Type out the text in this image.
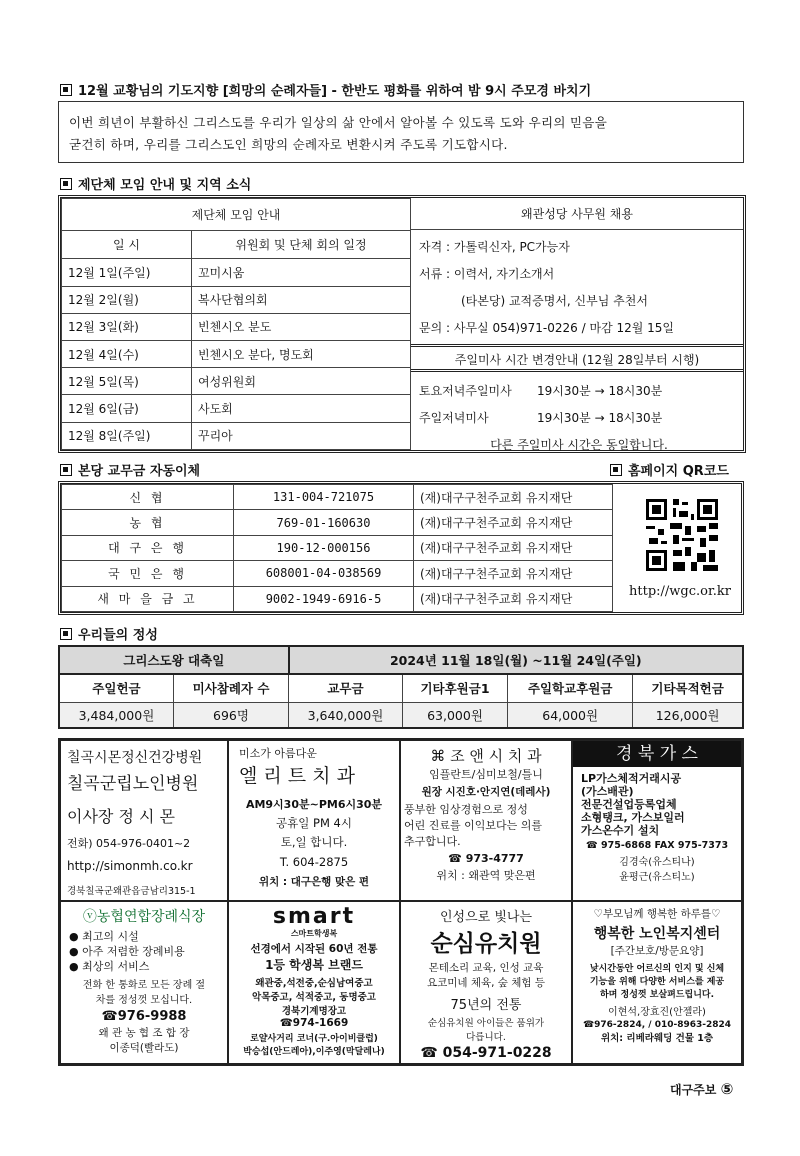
12월 교황님의 기도지향 [희망의 순례자들] - 한반도 평화를 위하여 밤 9시 주모경 바치기
이번 희년이 부활하신 그리스도를 우리가 일상의 삶 안에서 알아볼 수 있도록 도와 우리의 믿음을
굳건히 하며, 우리를 그리스도인 희망의 순례자로 변환시켜 주도록 기도합시다.
제단체 모임 안내 및 지역 소식
제단체 모임 안내	
일 시	위원회 및 단체 회의 일정
12월 1일(주일)	꼬미시움
12월 2일(월)	복사단협의회
12월 3일(화)	빈첸시오 분도
12월 4일(수)	빈첸시오 분다, 명도회
12월 5일(목)	여성위원회
12월 6일(금)	사도회
12월 8일(주일)	꾸리아
왜관성당 사무원 채용
자격 : 가톨릭신자, PC가능자
서류 : 이력서, 자기소개서
(타본당) 교적증명서, 신부님 추천서
문의 : 사무실 054)971-0226 / 마감 12월 15일
주일미사 시간 변경안내 (12월 28일부터 시행)
토요저녁주일미사 19시30분 → 18시30분
주일저녁미사	19시30분 → 18시30분
다른 주일미사 시간은 동일합니다.
본당 교무금 자동이체	홈페이지 QR코드
신 협	131-004-721075	(재)대구구천주교회 유지재단
농 협	769-01-160630	(재)대구구천주교회 유지재단
대 구 은 행	190-12-000156	(재)대구구천주교회 유지재단
국 민 은 행	608001-04-038569	(재)대구구천주교회 유지재단
새 마 을 금 고	9002-1949-6916-5	(재)대구구천주교회 유지재단
http://wgc.or.kr
우리들의 정성
그리스도왕 대축일		2024년 11월 18일(월) ~11월 24일(주일)			
주일헌금	미사참례자 수	교무금	기타후원금1	주일학교후원금	기타목적헌금
3,484,000원	696명	3,640,000원	63,000원	64,000원	126,000원
칠곡시몬정신건강병원
칠곡군립노인병원
이사장 정 시 몬
전화) 054-976-0401~2
http://simonmh.co.kr
경북칠곡군왜관읍금남리315-1
미소가 아름다운
엘 리 트 치 과
AM9시30분~PM6시30분
공휴일 PM 4시
토,일 합니다.
T. 604-2875
위치 : 대구은행 맞은 편
⌘ 조 앤 시 치 과
임플란트/심미보철/틀니
원장 시진호·안지연(데레사)
풍부한 임상경험으로 정성
어린 진료를 이익보다는 의를
추구합니다.
☎ 973-4777
위치 : 왜관역 맞은편
경 북 가 스
LP가스체적거래시공
(가스배관)
전문건설업등록업체
소형탱크, 가스보일러
가스온수기 설치
☎ 975-6868 FAX 975-7373
김경숙(유스티나)
윤평근(유스티노)
ⓥ농협연합장례식장
● 최고의 시설
● 아주 저렴한 장례비용
● 최상의 서비스
전화 한 통화로 모든 장례 절
차를 정성껏 모십니다.
☎976-9988
왜 관 농 협 조 합 장
이종덕(빨라도)
smart
스마트학생복
선경에서 시작된 60년 전통
1등 학생복 브랜드
왜관중,석전중,순심남여중고
악목중고, 석적중고, 동명중고
경북기계명장고
☎974-1669
로얄사거리 코너(구.아이비클럽)
박승섭(안드레아),이주영(막달레나)
인성으로 빛나는
순심유치원
몬테소리 교육, 인성 교육
요코미네 체육, 숲 체험 등
75년의 전통
순심유치원 아이들은 품위가
다릅니다.
☎ 054-971-0228
♡부모님께 행복한 하루를♡
행복한 노인복지센터
[주간보호/방문요양]
낮시간동안 어르신의 인지 및 신체
기능을 위해 다양한 서비스를 제공
하며 정성껏 보살펴드립니다.
이현석,장효진(안젤라)
☎976-2824, / 010-8963-2824
위치: 리베라웨딩 건물 1층
대구주보 ⑤
